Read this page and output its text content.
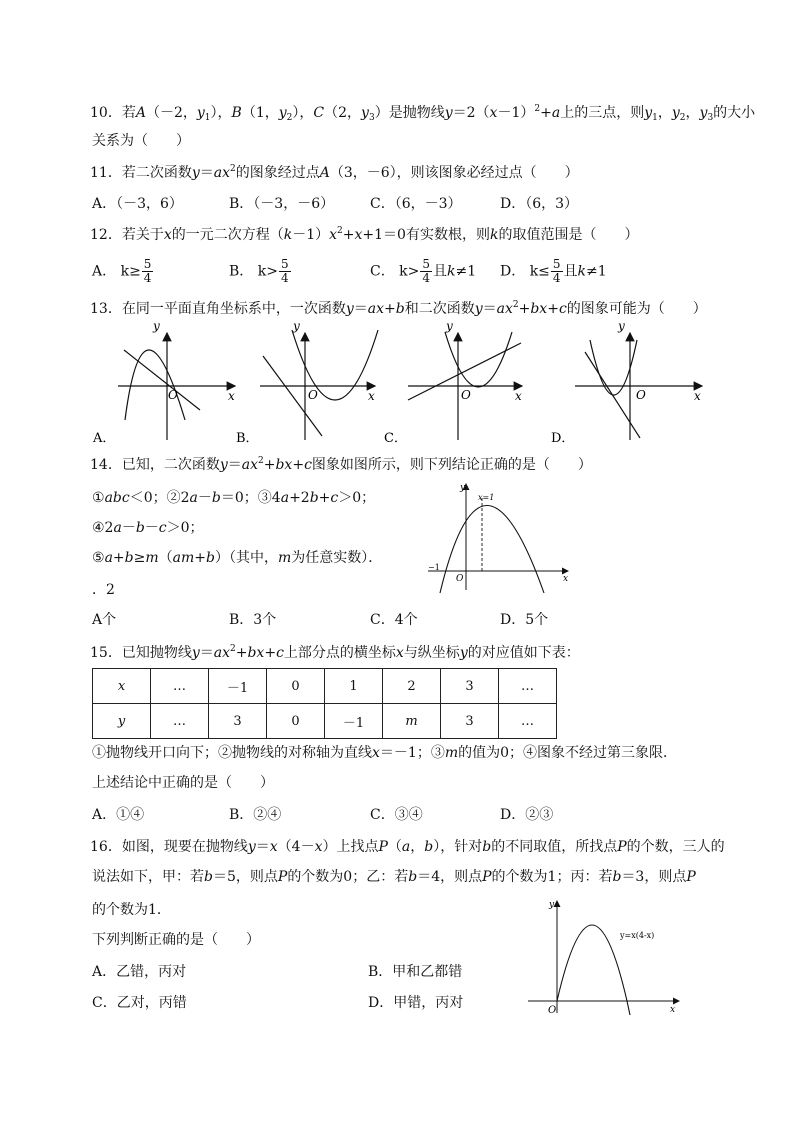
10．若A（－2，$y_1$），B（1，$y_2$），C（2，$y_3$）是抛物线$y=2(x-1)^2+a$上的三点，则$y_1$，$y_2$，$y_3$的大小
关系为（　　）
11．若二次函数$y=ax^2$的图象经过点A（3，－6），则该图象必经过点（　　）
A．（－3，6）	B．（－3，－6）	C．（6，－3）	D．（6，3）
12．若关于x的一元二次方程$(k-1)x^2+x+1=0$有实数根，则k的取值范围是（　　）
A． $k\ge \frac{5}{4}$	B． $k> \frac{5}{4}$	C． $k> \frac{5}{4}$ 且k≠1 D． $k\le \frac{5}{4}$ 且k≠1
13．在同一平面直角坐标系中，一次函数y＝ax+b和二次函数$y=ax^2+bx+c$的图象可能为（　　）
y
x
O
A．
y
x
O
B．
y
x
O
C．
y
x
O
D．
14．已知，二次函数$y=ax^2+bx+c$图象如图所示，则下列结论正确的是（　　）
①abc＜0；②2a－b＝0；③4a+2b+c＞0；
④2a－b－c＞0；
⑤a+b≥m（am+b）（其中，m为任意实数）．
．2
A个	B．3个	C．4个	D．5个
y
x
O
x=1
−1
15．已知抛物线$y=ax^2+bx+c$上部分点的横坐标x与纵坐标y的对应值如下表：
x	…	－1	0	1	2	3	…
y	…	3	0	－1	m	3	…
①抛物线开口向下；②抛物线的对称轴为直线x＝－1；③m的值为0；④图象不经过第三象限．
上述结论中正确的是（　　）
A．①④	B．②④	C．③④	D．②③
16．如图，现要在抛物线y＝x（4－x）上找点P（a，b），针对b的不同取值，所找点P的个数，三人的
说法如下，甲：若b＝5，则点P的个数为0；乙：若b＝4，则点P的个数为1；丙：若b＝3，则点P
的个数为1．
下列判断正确的是（　　）
A．乙错，丙对	B．甲和乙都错
C．乙对，丙错	D．甲错，丙对
y
x
O
y=x(4-x)
